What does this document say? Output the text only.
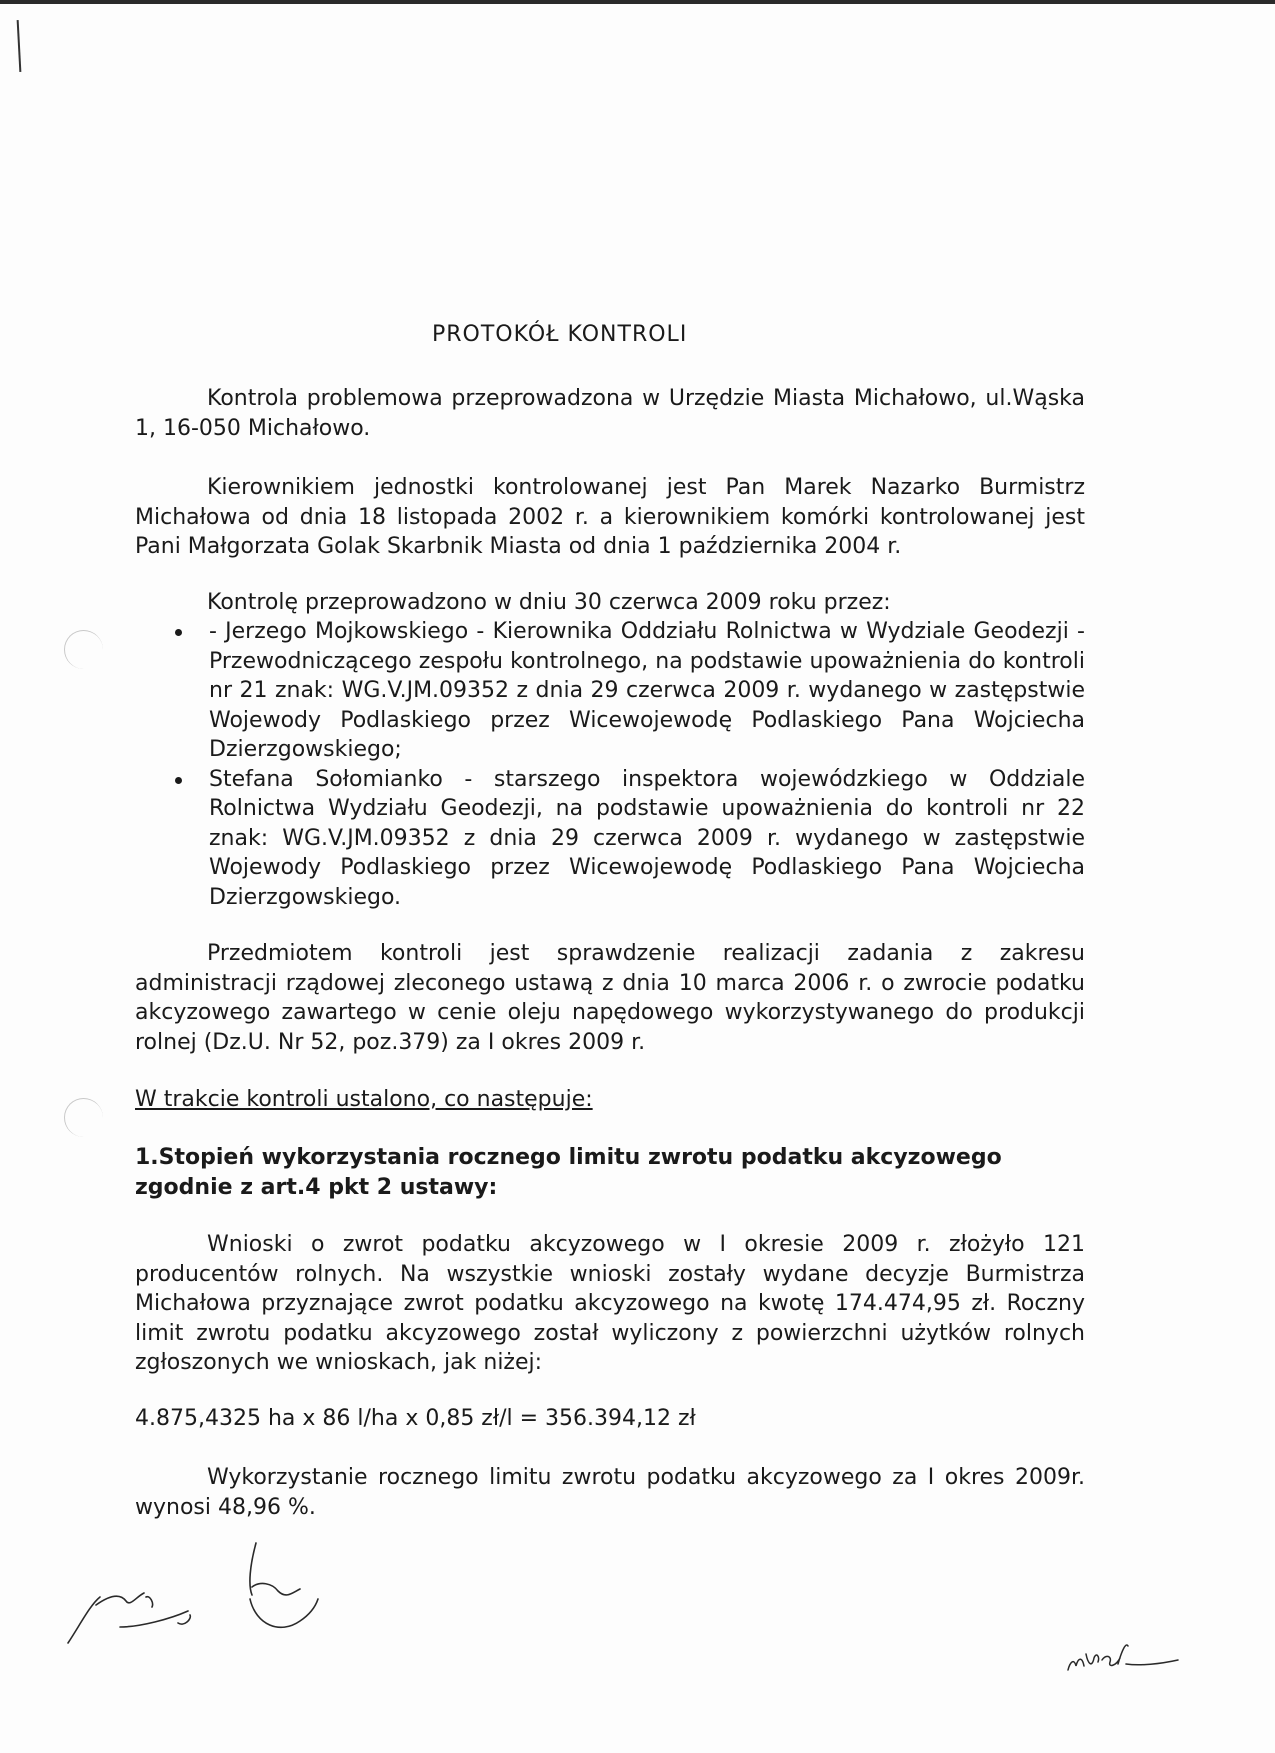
PROTOKÓŁ KONTROLI

Kontrola problemowa przeprowadzona w Urzędzie Miasta Michałowo, ul.Wąska 1, 16-050 Michałowo.

Kierownikiem jednostki kontrolowanej jest Pan Marek Nazarko Burmistrz Michałowa od dnia 18 listopada 2002 r. a kierownikiem komórki kontrolowanej jest Pani Małgorzata Golak Skarbnik Miasta od dnia 1 października 2004 r.

Kontrolę przeprowadzono w dniu 30 czerwca 2009 roku przez:

- Jerzego Mojkowskiego - Kierownika Oddziału Rolnictwa w Wydziale Geodezji - Przewodniczącego zespołu kontrolnego, na podstawie upoważnienia do kontroli nr 21 znak: WG.V.JM.09352 z dnia 29 czerwca 2009 r. wydanego w zastępstwie Wojewody Podlaskiego przez Wicewojewodę Podlaskiego Pana Wojciecha Dzierzgowskiego;
Stefana Sołomianko - starszego inspektora wojewódzkiego w Oddziale Rolnictwa Wydziału Geodezji, na podstawie upoważnienia do kontroli nr 22 znak: WG.V.JM.09352 z dnia 29 czerwca 2009 r. wydanego w zastępstwie Wojewody Podlaskiego przez Wicewojewodę Podlaskiego Pana Wojciecha Dzierzgowskiego.

Przedmiotem kontroli jest sprawdzenie realizacji zadania z zakresu administracji rządowej zleconego ustawą z dnia 10 marca 2006 r. o zwrocie podatku akcyzowego zawartego w cenie oleju napędowego wykorzystywanego do produkcji rolnej (Dz.U. Nr 52, poz.379) za I okres 2009 r.

W trakcie kontroli ustalono, co następuje:

1.Stopień wykorzystania rocznego limitu zwrotu podatku akcyzowego zgodnie z art.4 pkt 2 ustawy:

Wnioski o zwrot podatku akcyzowego w I okresie 2009 r. złożyło 121 producentów rolnych. Na wszystkie wnioski zostały wydane decyzje Burmistrza Michałowa przyznające zwrot podatku akcyzowego na kwotę 174.474,95 zł. Roczny limit zwrotu podatku akcyzowego został wyliczony z powierzchni użytków rolnych zgłoszonych we wnioskach, jak niżej:

4.875,4325 ha x 86 l/ha x 0,85 zł/l = 356.394,12 zł

Wykorzystanie rocznego limitu zwrotu podatku akcyzowego za I okres 2009r. wynosi 48,96 %.
